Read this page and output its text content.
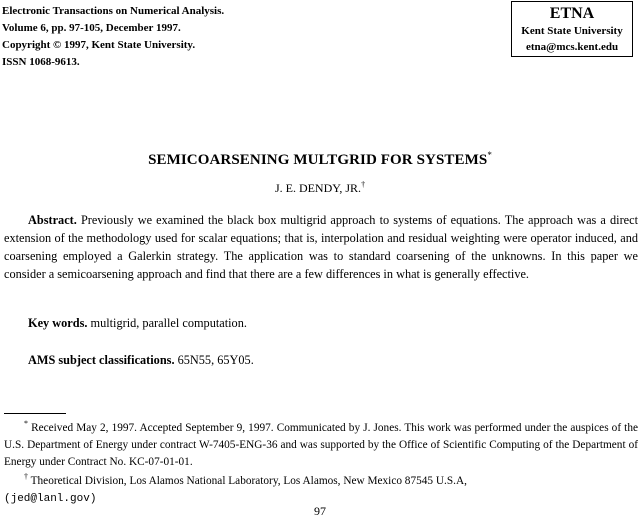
Electronic Transactions on Numerical Analysis.
Volume 6, pp. 97-105, December 1997.
Copyright © 1997, Kent State University.
ISSN 1068-9613.
ETNA
Kent State University
etna@mcs.kent.edu
SEMICOARSENING MULTGRID FOR SYSTEMS*
J. E. DENDY, JR.†
Abstract. Previously we examined the black box multigrid approach to systems of equations. The approach was a direct extension of the methodology used for scalar equations; that is, interpolation and residual weighting were operator induced, and coarsening employed a Galerkin strategy. The application was to standard coarsening of the unknowns. In this paper we consider a semicoarsening approach and find that there are a few differences in what is generally effective.
Key words. multigrid, parallel computation.
AMS subject classifications. 65N55, 65Y05.
* Received May 2, 1997. Accepted September 9, 1997. Communicated by J. Jones. This work was performed under the auspices of the U.S. Department of Energy under contract W-7405-ENG-36 and was supported by the Office of Scientific Computing of the Department of Energy under Contract No. KC-07-01-01.
† Theoretical Division, Los Alamos National Laboratory, Los Alamos, New Mexico 87545 U.S.A,
(jed@lanl.gov)
97
